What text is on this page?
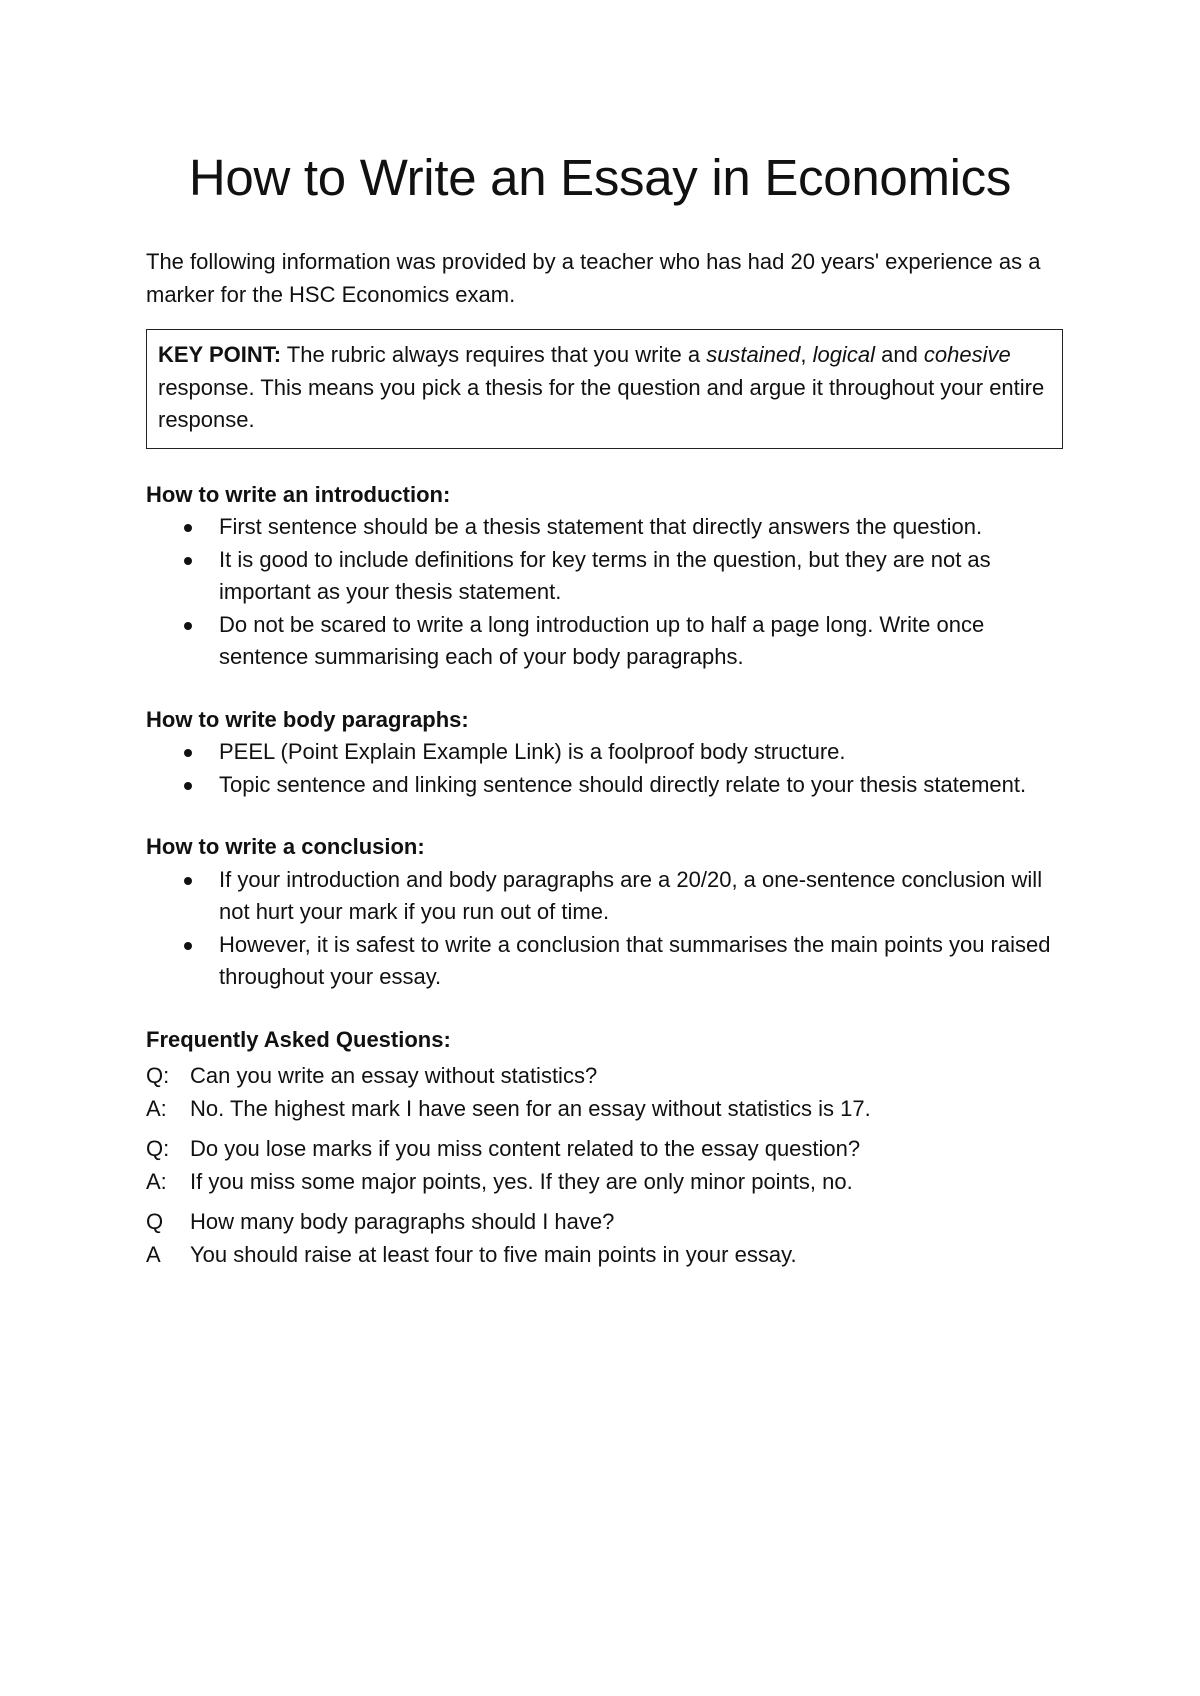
How to Write an Essay in Economics

The following information was provided by a teacher who has had 20 years' experience as a marker for the HSC Economics exam.

KEY POINT: The rubric always requires that you write a sustained, logical and cohesive response. This means you pick a thesis for the question and argue it throughout your entire response.
How to write an introduction:
First sentence should be a thesis statement that directly answers the question.
It is good to include definitions for key terms in the question, but they are not as important as your thesis statement.
Do not be scared to write a long introduction up to half a page long. Write once sentence summarising each of your body paragraphs.
How to write body paragraphs:
PEEL (Point Explain Example Link) is a foolproof body structure.
Topic sentence and linking sentence should directly relate to your thesis statement.
How to write a conclusion:
If your introduction and body paragraphs are a 20/20, a one-sentence conclusion will not hurt your mark if you run out of time.
However, it is safest to write a conclusion that summarises the main points you raised throughout your essay.
Frequently Asked Questions:
Q: Can you write an essay without statistics?
A: No. The highest mark I have seen for an essay without statistics is 17.
Q: Do you lose marks if you miss content related to the essay question?
A: If you miss some major points, yes. If they are only minor points, no.
Q How many body paragraphs should I have?
A You should raise at least four to five main points in your essay.
